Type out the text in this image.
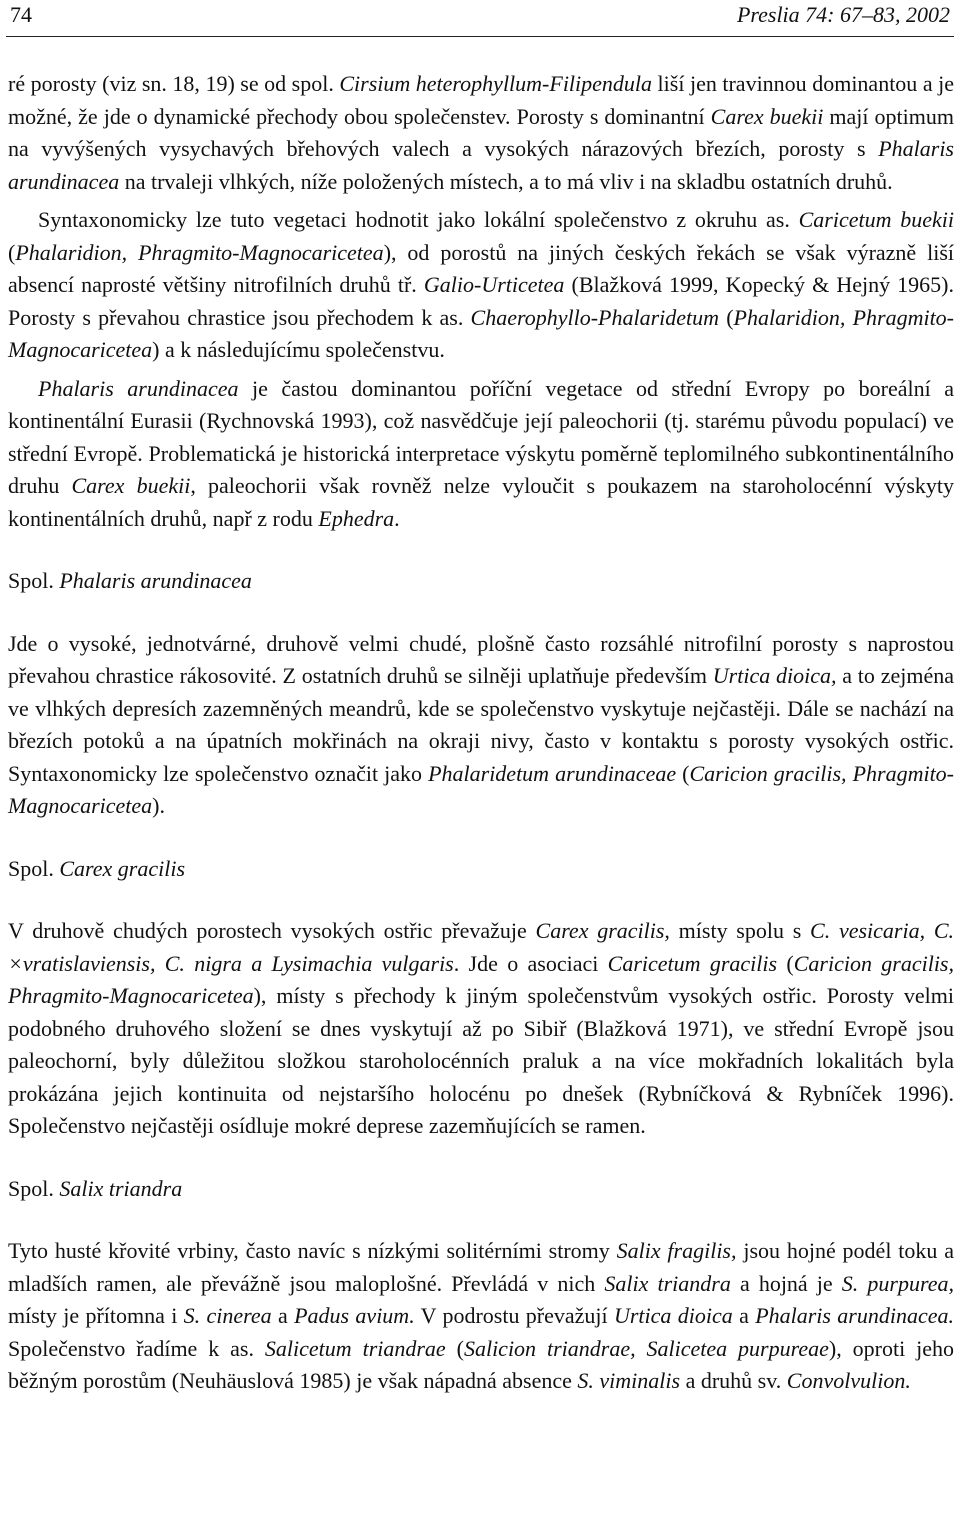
74	Preslia 74: 67–83, 2002

ré porosty (viz sn. 18, 19) se od spol. Cirsium heterophyllum-Filipendula liší jen travinnou dominantou a je možné, že jde o dynamické přechody obou společenstev. Porosty s dominantní Carex buekii mají optimum na vyvýšených vysychavých břehových valech a vysokých nárazových březích, porosty s Phalaris arundinacea na trvaleji vlhkých, níže položených místech, a to má vliv i na skladbu ostatních druhů.

Syntaxonomicky lze tuto vegetaci hodnotit jako lokální společenstvo z okruhu as. Caricetum buekii (Phalaridion, Phragmito-Magnocaricetea), od porostů na jiných českých řekách se však výrazně liší absencí naprosté většiny nitrofilních druhů tř. Galio-Urticetea (Blažková 1999, Kopecký & Hejný 1965). Porosty s převahou chrastice jsou přechodem k as. Chaerophyllo-Phalaridetum (Phalaridion, Phragmito-Magnocaricetea) a k následujícímu společenstvu.

Phalaris arundinacea je častou dominantou poříční vegetace od střední Evropy po boreální a kontinentální Eurasii (Rychnovská 1993), což nasvědčuje její paleochorii (tj. starému původu populací) ve střední Evropě. Problematická je historická interpretace výskytu poměrně teplomilného subkontinentálního druhu Carex buekii, paleochorii však rovněž nelze vyloučit s poukazem na staroholocénní výskyty kontinentálních druhů, např z rodu Ephedra.

Spol. Phalaris arundinacea

Jde o vysoké, jednotvárné, druhově velmi chudé, plošně často rozsáhlé nitrofilní porosty s naprostou převahou chrastice rákosovité. Z ostatních druhů se silněji uplatňuje především Urtica dioica, a to zejména ve vlhkých depresích zazemněných meandrů, kde se společenstvo vyskytuje nejčastěji. Dále se nachází na březích potoků a na úpatních mokřinách na okraji nivy, často v kontaktu s porosty vysokých ostřic. Syntaxonomicky lze společenstvo označit jako Phalaridetum arundinaceae (Caricion gracilis, Phragmito-Magnocaricetea).

Spol. Carex gracilis

V druhově chudých porostech vysokých ostřic převažuje Carex gracilis, místy spolu s C. vesicaria, C. ×vratislaviensis, C. nigra a Lysimachia vulgaris. Jde o asociaci Caricetum gracilis (Caricion gracilis, Phragmito-Magnocaricetea), místy s přechody k jiným společenstvům vysokých ostřic. Porosty velmi podobného druhového složení se dnes vyskytují až po Sibiř (Blažková 1971), ve střední Evropě jsou paleochorní, byly důležitou složkou staroholocénních praluk a na více mokřadních lokalitách byla prokázána jejich kontinuita od nejstaršího holocénu po dnešek (Rybníčková & Rybníček 1996). Společenstvo nejčastěji osídluje mokré deprese zazemňujících se ramen.

Spol. Salix triandra

Tyto husté křovité vrbiny, často navíc s nízkými solitérními stromy Salix fragilis, jsou hojné podél toku a mladších ramen, ale převážně jsou maloplošné. Převládá v nich Salix triandra a hojná je S. purpurea, místy je přítomna i S. cinerea a Padus avium. V podrostu převažují Urtica dioica a Phalaris arundinacea. Společenstvo řadíme k as. Salicetum triandrae (Salicion triandrae, Salicetea purpureae), oproti jeho běžným porostům (Neuhäuslová 1985) je však nápadná absence S. viminalis a druhů sv. Convolvulion.
